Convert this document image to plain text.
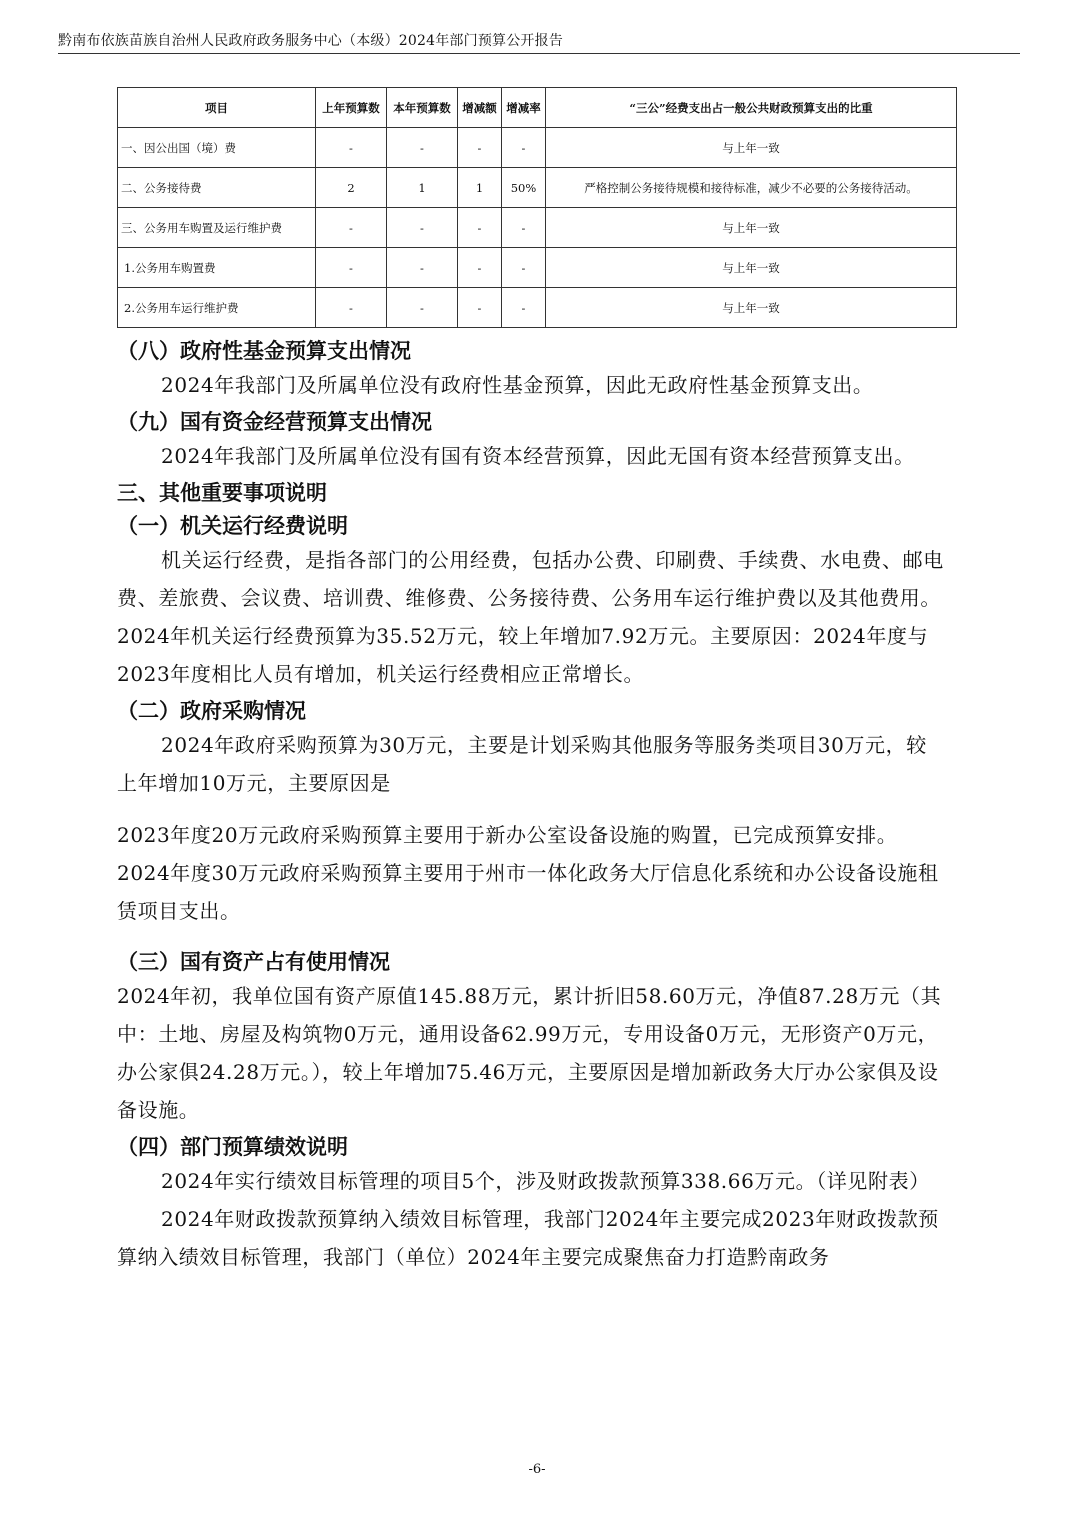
黔南布依族苗族自治州人民政府政务服务中心（本级）2024年部门预算公开报告
项目	上年预算数	本年预算数	增减额	增减率	“三公”经费支出占一般公共财政预算支出的比重
一、因公出国（境）费	-	-	-	-	与上年一致
二、公务接待费	2	1	1	50%	严格控制公务接待规模和接待标准，减少不必要的公务接待活动。
三、公务用车购置及运行维护费	-	-	-	-	与上年一致
1.公务用车购置费	-	-	-	-	与上年一致
2.公务用车运行维护费	-	-	-	-	与上年一致
（八）政府性基金预算支出情况

2024年我部门及所属单位没有政府性基金预算，因此无政府性基金预算支出。

（九）国有资金经营预算支出情况

2024年我部门及所属单位没有国有资本经营预算，因此无国有资本经营预算支出。

三、其他重要事项说明
（一）机关运行经费说明

机关运行经费，是指各部门的公用经费，包括办公费、印刷费、手续费、水电费、邮电费、差旅费、会议费、培训费、维修费、公务接待费、公务用车运行维护费以及其他费用。2024年机关运行经费预算为35.52万元，较上年增加7.92万元。主要原因：2024年度与2023年度相比人员有增加，机关运行经费相应正常增长。

（二）政府采购情况

2024年政府采购预算为30万元，主要是计划采购其他服务等服务类项目30万元，较上年增加10万元，主要原因是

2023年度20万元政府采购预算主要用于新办公室设备设施的购置，已完成预算安排。2024年度30万元政府采购预算主要用于州市一体化政务大厅信息化系统和办公设备设施租赁项目支出。

（三）国有资产占有使用情况

2024年初，我单位国有资产原值145.88万元，累计折旧58.60万元，净值87.28万元（其中：土地、房屋及构筑物0万元，通用设备62.99万元，专用设备0万元，无形资产0万元，办公家俱24.28万元。），较上年增加75.46万元，主要原因是增加新政务大厅办公家俱及设备设施。

（四）部门预算绩效说明

2024年实行绩效目标管理的项目5个，涉及财政拨款预算338.66万元。（详见附表）

2024年财政拨款预算纳入绩效目标管理，我部门2024年主要完成2023年财政拨款预算纳入绩效目标管理，我部门（单位）2024年主要完成聚焦奋力打造黔南政务

-6-
